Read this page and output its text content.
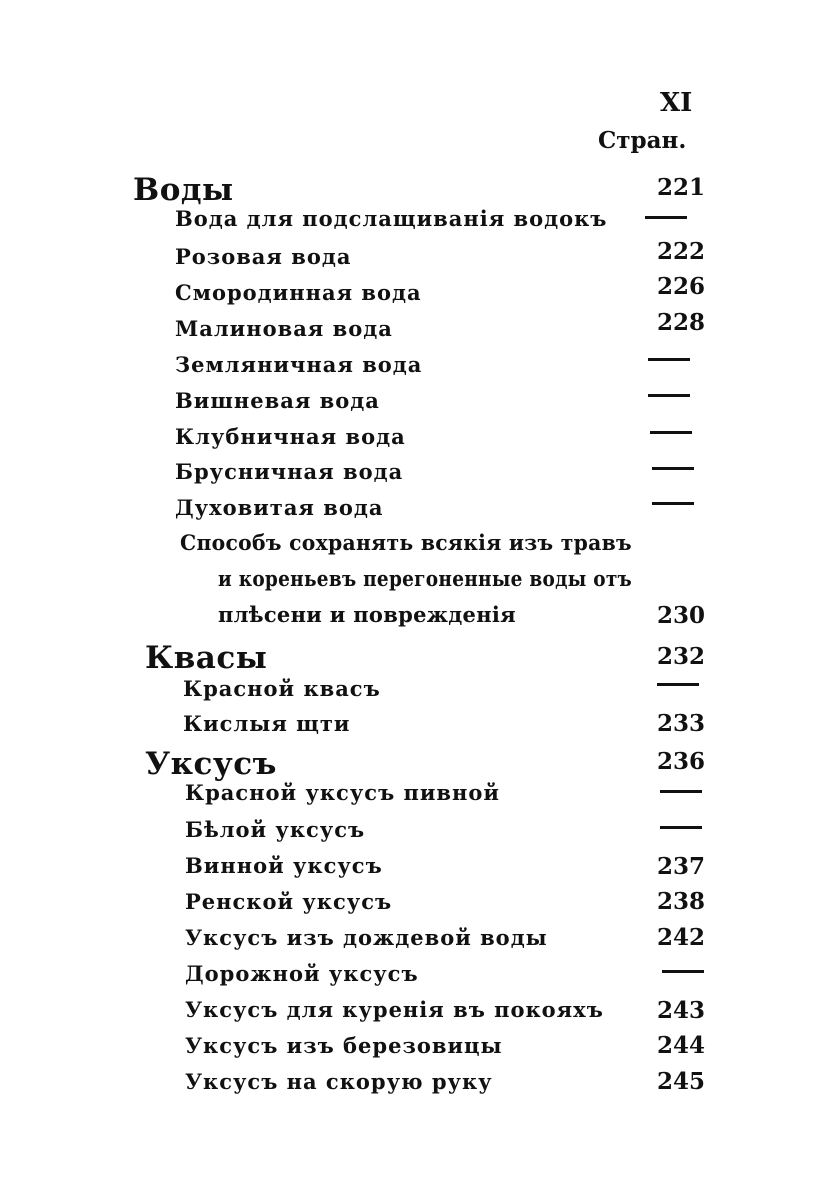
XI
Стран.
Воды	221
Вода для подслащиванія водокъ
Розовая вода	222
Смородинная вода	226
Малиновая вода	228
Земляничная вода
Вишневая вода
Клубничная вода
Брусничная вода
Духовитая вода
Способъ сохранять всякія изъ травъ
и кореньевъ перегоненные воды отъ
плѣсени и поврежденія	230
Квасы	232
Красной квасъ
Кислыя щти	233
Уксусъ	236
Красной уксусъ пивной
Бѣлой уксусъ
Винной уксусъ	237
Ренской уксусъ	238
Уксусъ изъ дождевой воды	242
Дорожной уксусъ
Уксусъ для куренія въ покояхъ	243
Уксусъ изъ березовицы	244
Уксусъ на скорую руку	245
